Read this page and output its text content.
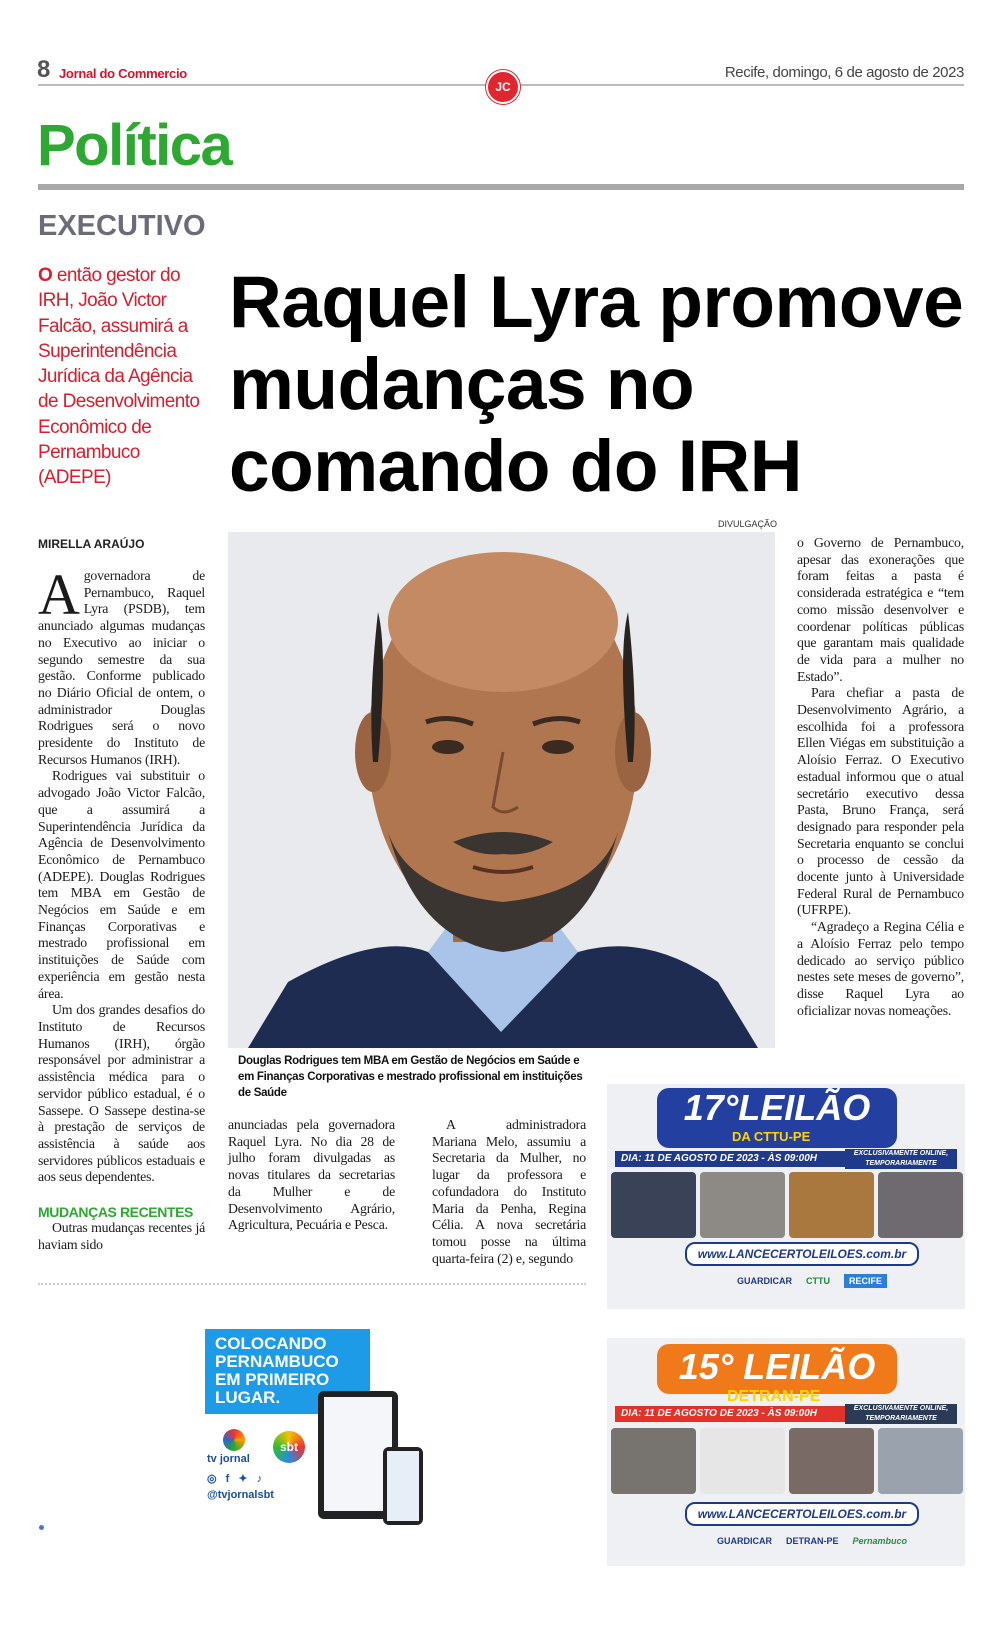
8 Jornal do Commercio	Recife, domingo, 6 de agosto de 2023
JC
Política
EXECUTIVO
O então gestor do IRH, João Victor Falcão, assumirá a Superintendência Jurídica da Agência de Desenvolvimento Econômico de Pernambuco (ADEPE)
Raquel Lyra promove mudanças no comando do IRH
DIVULGAÇÃO
Douglas Rodrigues tem MBA em Gestão de Negócios em Saúde e em Finanças Corporativas e mestrado profissional em instituições de Saúde
MIRELLA ARAÚJO

A governadora de Pernambuco, Raquel Lyra (PSDB), tem anunciado algumas mudanças no Executivo ao iniciar o segundo semestre da sua gestão. Conforme publicado no Diário Oficial de ontem, o administrador Douglas Rodrigues será o novo presidente do Instituto de Recursos Humanos (IRH).

Rodrigues vai substituir o advogado João Victor Falcão, que a assumirá a Superintendência Jurídica da Agência de Desenvolvimento Econômico de Pernambuco (ADEPE). Douglas Rodrigues tem MBA em Gestão de Negócios em Saúde e em Finanças Corporativas e mestrado profissional em instituições de Saúde com experiência em gestão nesta área.

Um dos grandes desafios do Instituto de Recursos Humanos (IRH), órgão responsável por administrar a assistência médica para o servidor público estadual, é o Sassepe. O Sassepe destina-se à prestação de serviços de assistência à saúde aos servidores públicos estaduais e aos seus dependentes.

MUDANÇAS RECENTES

Outras mudanças recentes já haviam sido

anunciadas pela governadora Raquel Lyra. No dia 28 de julho foram divulgadas as novas titulares da secretarias da Mulher e de Desenvolvimento Agrário, Agricultura, Pecuária e Pesca.

A administradora Mariana Melo, assumiu a Secretaria da Mulher, no lugar da professora e cofundadora do Instituto Maria da Penha, Regina Célia. A nova secretária tomou posse na última quarta-feira (2) e, segundo

o Governo de Pernambuco, apesar das exonerações que foram feitas a pasta é considerada estratégica e “tem como missão desenvolver e coordenar políticas públicas que garantam mais qualidade de vida para a mulher no Estado”.

Para chefiar a pasta de Desenvolvimento Agrário, a escolhida foi a professora Ellen Viégas em substituição a Aloísio Ferraz. O Executivo estadual informou que o atual secretário executivo dessa Pasta, Bruno França, será designado para responder pela Secretaria enquanto se conclui o processo de cessão da docente junto à Universidade Federal Rural de Pernambuco (UFRPE).

“Agradeço a Regina Célia e a Aloísio Ferraz pelo tempo dedicado ao serviço público nestes sete meses de governo”, disse Raquel Lyra ao oficializar novas nomeações.

17°LEILÃO
DA CTTU-PE
DIA: 11 DE AGOSTO DE 2023 - ÀS 09:00H	EXCLUSIVAMENTE ONLINE, TEMPORARIAMENTE
www.LANCECERTOLEILOES.com.br
GUARDICAR CTTU	RECIFE
15° LEILÃO
DETRAN-PE
DIA: 11 DE AGOSTO DE 2023 - ÀS 09:00H	EXCLUSIVAMENTE ONLINE, TEMPORARIAMENTE
www.LANCECERTOLEILOES.com.br
GUARDICAR DETRAN-PE Pernambuco
COLOCANDO PERNAMBUCO EM PRIMEIRO LUGAR.
tv jornal
sbt
◎ f ✦ ♪
@tvjornalsbt
